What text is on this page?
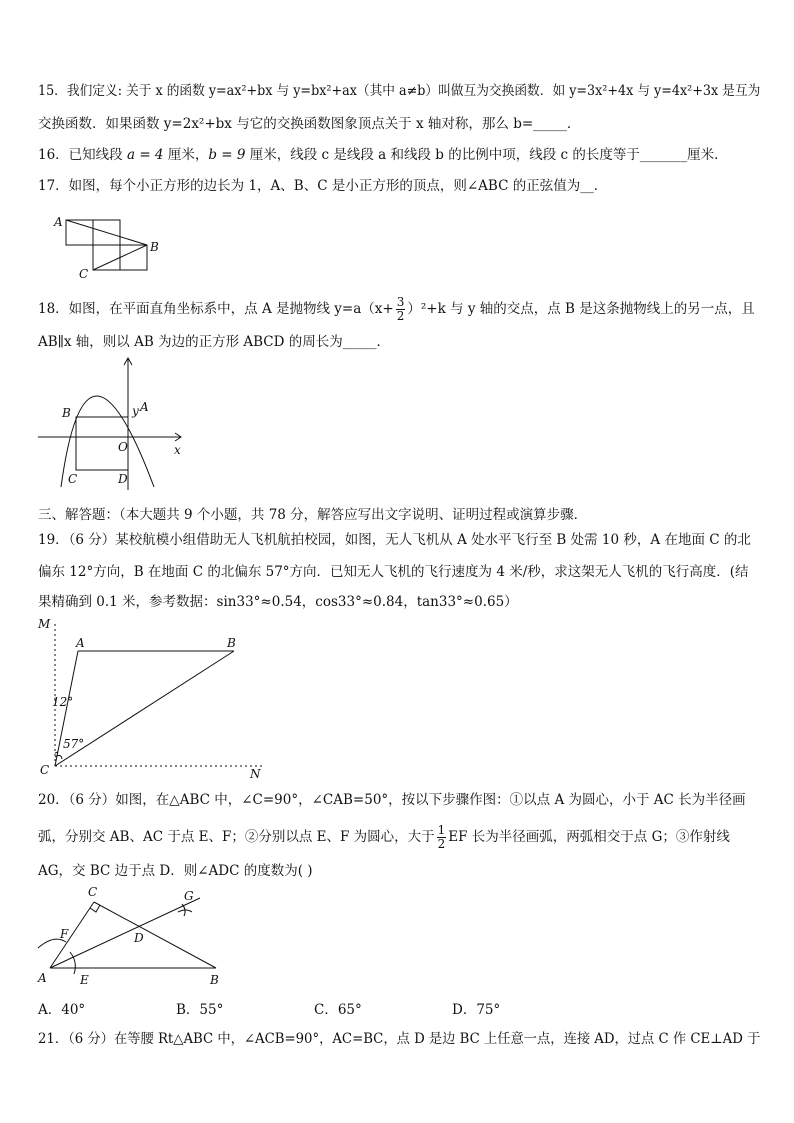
15．我们定义: 关于 x 的函数 y=ax²+bx 与 y=bx²+ax（其中 a≠b）叫做互为交换函数．如 y=3x²+4x 与 y=4x²+3x 是互为
交换函数．如果函数 y=2x²+bx 与它的交换函数图象顶点关于 x 轴对称，那么 b=_____．
16．已知线段 a = 4 厘米，b = 9 厘米，线段 c 是线段 a 和线段 b 的比例中项，线段 c 的长度等于_______厘米．
17．如图，每个小正方形的边长为 1，A、B、C 是小正方形的顶点，则∠ABC 的正弦值为__．
A
B
C
18．如图，在平面直角坐标系中，点 A 是抛物线 $y=a(x+ \frac{3}{2} )^2+k$ 与 y 轴的交点，点 B 是这条抛物线上的另一点，且
AB∥x 轴，则以 AB 为边的正方形 ABCD 的周长为_____．
y
x
A
B
O
C	D
三、解答题：（本大题共 9 个小题，共 78 分，解答应写出文字说明、证明过程或演算步骤．
19．（6 分）某校航模小组借助无人飞机航拍校园，如图，无人飞机从 A 处水平飞行至 B 处需 10 秒，A 在地面 C 的北
偏东 12°方向，B 在地面 C 的北偏东 57°方向．已知无人飞机的飞行速度为 4 米/秒，求这架无人飞机的飞行高度．(结
果精确到 0.1 米，参考数据：sin33°≈0.54，cos33°≈0.84，tan33°≈0.65）
M
A	B
C	N
12°
57°
20．（6 分）如图，在△ABC 中，∠C=90°，∠CAB=50°，按以下步骤作图：①以点 A 为圆心，小于 AC 长为半径画
弧，分别交 AB、AC 于点 E、F；②分别以点 E、F 为圆心，大于 $\frac{1}{2}$ EF 长为半径画弧，两弧相交于点 G；③作射线
AG，交 BC 边于点 D．则∠ADC 的度数为( )
C	G
F	D
A	E	B
A．40°	B．55°	C．65°	D．75°
21．（6 分）在等腰 Rt△ABC 中，∠ACB=90°，AC=BC，点 D 是边 BC 上任意一点，连接 AD，过点 C 作 CE⊥AD 于
